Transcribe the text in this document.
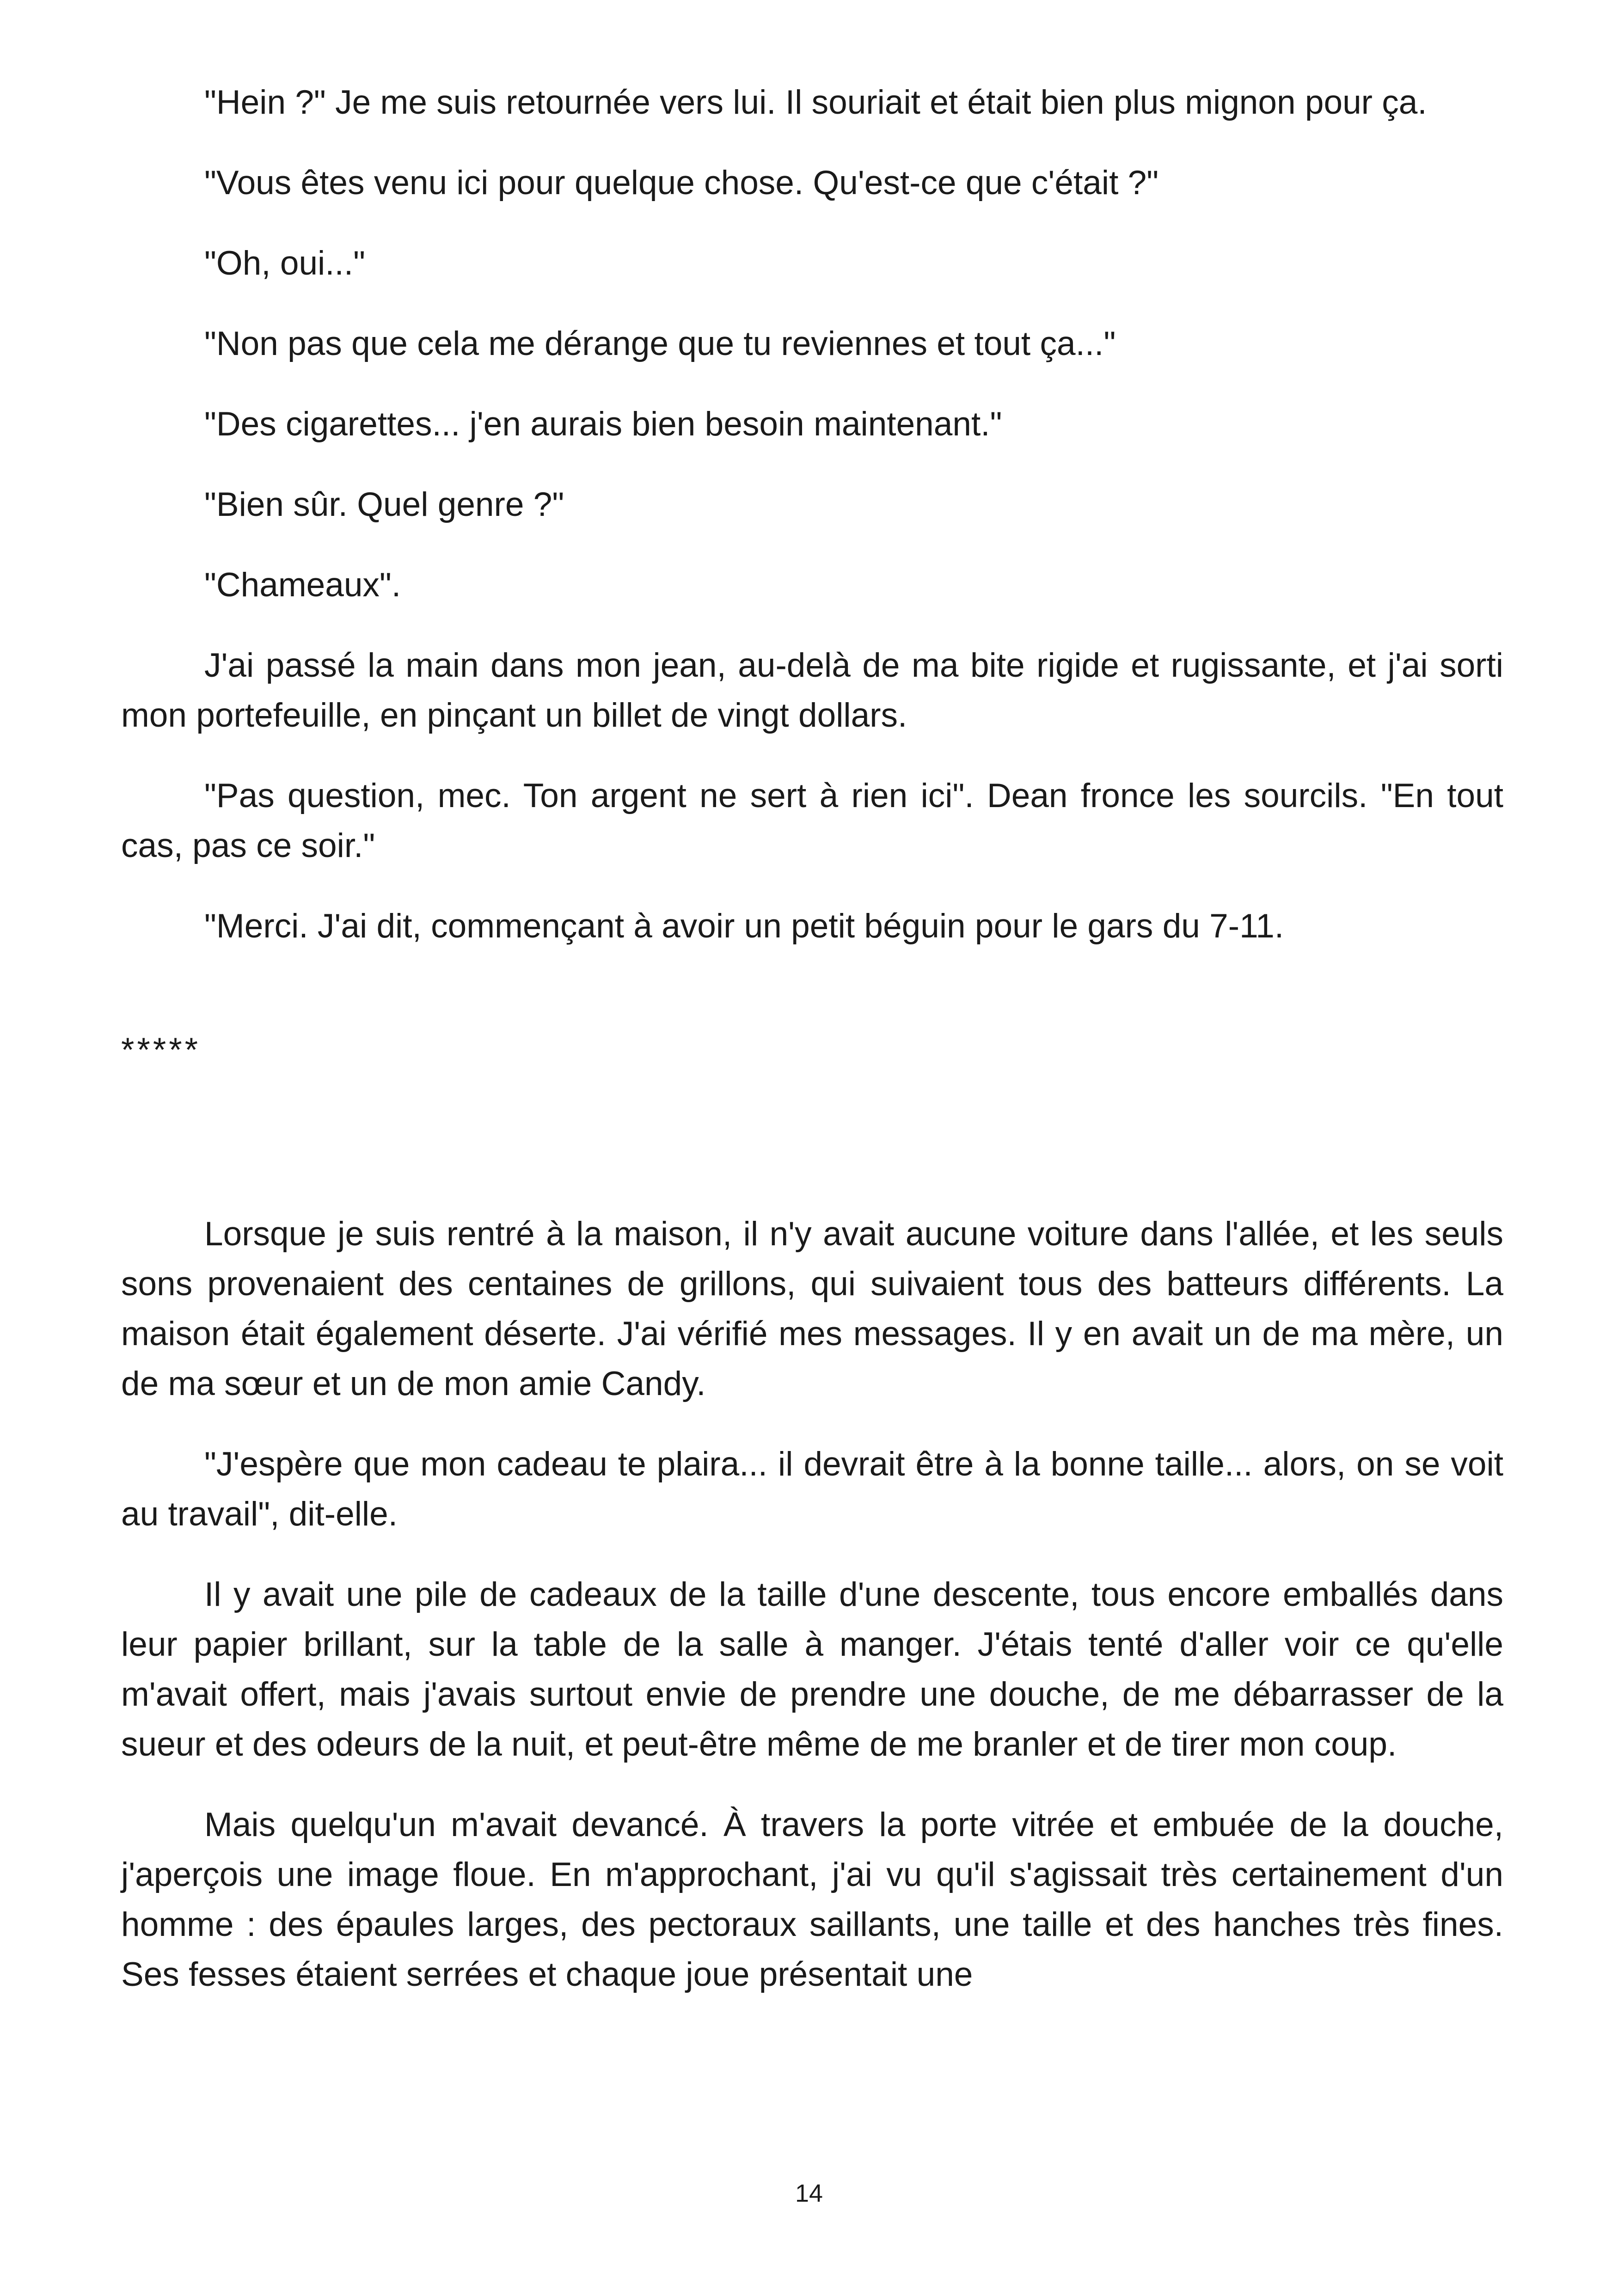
"Hein ?" Je me suis retournée vers lui. Il souriait et était bien plus mignon pour ça.

"Vous êtes venu ici pour quelque chose. Qu'est-ce que c'était ?"

"Oh, oui..."

"Non pas que cela me dérange que tu reviennes et tout ça..."

"Des cigarettes... j'en aurais bien besoin maintenant."

"Bien sûr. Quel genre ?"

"Chameaux".

J'ai passé la main dans mon jean, au-delà de ma bite rigide et rugissante, et j'ai sorti mon portefeuille, en pinçant un billet de vingt dollars.

"Pas question, mec. Ton argent ne sert à rien ici". Dean fronce les sourcils. "En tout cas, pas ce soir."

"Merci. J'ai dit, commençant à avoir un petit béguin pour le gars du 7-11.

*****

Lorsque je suis rentré à la maison, il n'y avait aucune voiture dans l'allée, et les seuls sons provenaient des centaines de grillons, qui suivaient tous des batteurs différents. La maison était également déserte. J'ai vérifié mes messages. Il y en avait un de ma mère, un de ma sœur et un de mon amie Candy.

"J'espère que mon cadeau te plaira... il devrait être à la bonne taille... alors, on se voit au travail", dit-elle.

Il y avait une pile de cadeaux de la taille d'une descente, tous encore emballés dans leur papier brillant, sur la table de la salle à manger. J'étais tenté d'aller voir ce qu'elle m'avait offert, mais j'avais surtout envie de prendre une douche, de me débarrasser de la sueur et des odeurs de la nuit, et peut-être même de me branler et de tirer mon coup.

Mais quelqu'un m'avait devancé. À travers la porte vitrée et embuée de la douche, j'aperçois une image floue. En m'approchant, j'ai vu qu'il s'agissait très certainement d'un homme : des épaules larges, des pectoraux saillants, une taille et des hanches très fines. Ses fesses étaient serrées et chaque joue présentait une

14
